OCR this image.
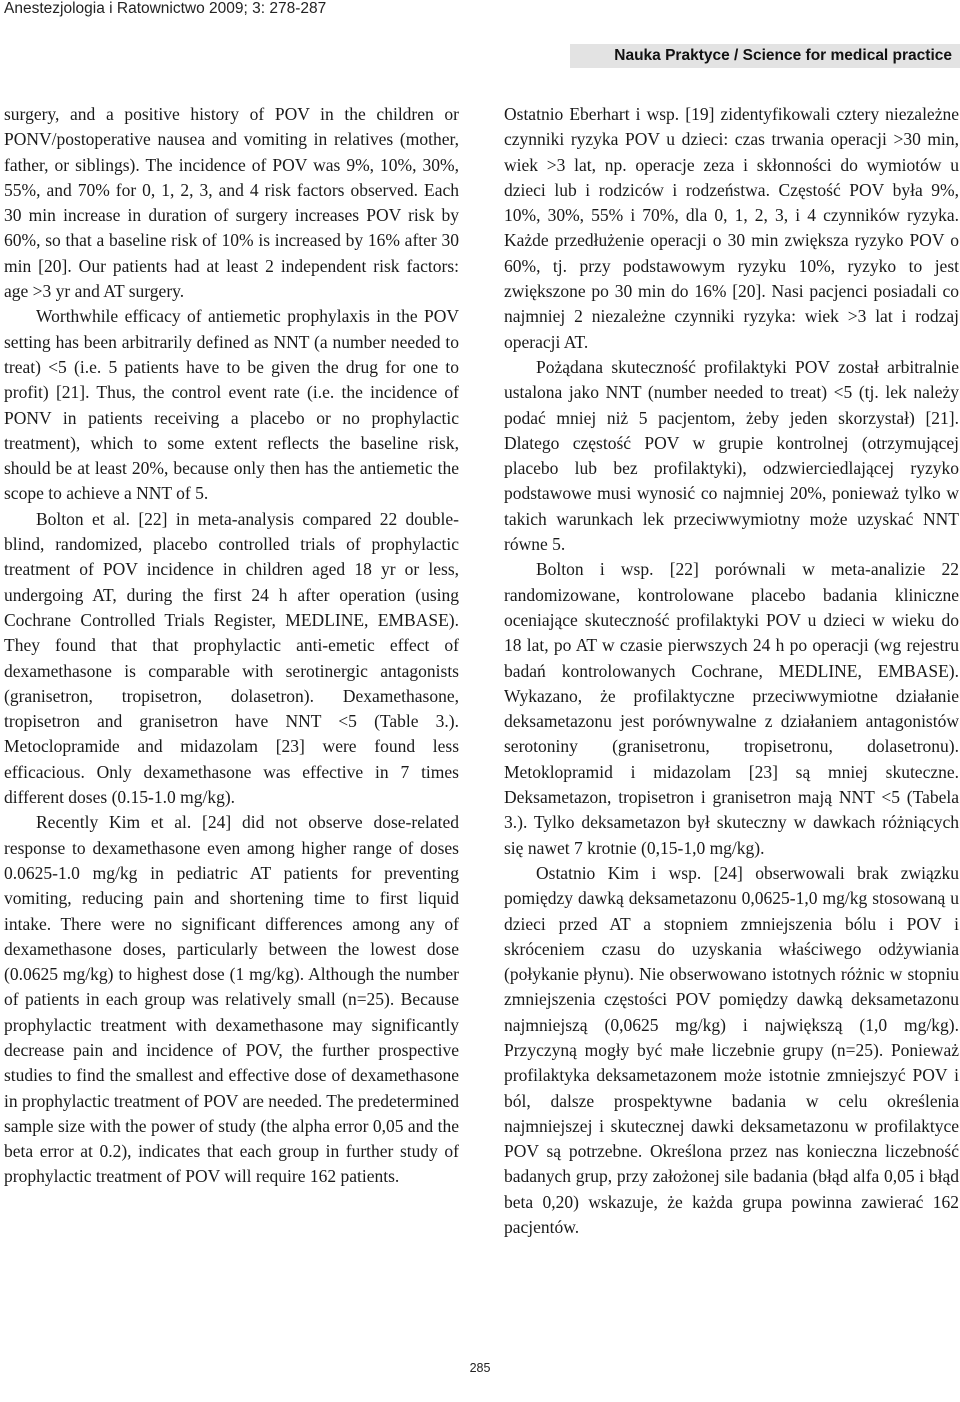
Anestezjologia i Ratownictwo 2009; 3: 278-287
Nauka Praktyce / Science for medical practice

surgery, and a positive history of POV in the children or PONV/postoperative nausea and vomiting in relatives (mother, father, or siblings). The incidence of POV was 9%, 10%, 30%, 55%, and 70% for 0, 1, 2, 3, and 4 risk factors observed. Each 30 min increase in duration of surgery increases POV risk by 60%, so that a baseline risk of 10% is increased by 16% after 30 min [20]. Our patients had at least 2 independent risk factors: age >3 yr and AT surgery.

Worthwhile efficacy of antiemetic prophylaxis in the POV setting has been arbitrarily defined as NNT (a number needed to treat) <5 (i.e. 5 patients have to be given the drug for one to profit) [21]. Thus, the control event rate (i.e. the incidence of PONV in patients receiving a placebo or no prophylactic treatment), which to some extent reflects the baseline risk, should be at least 20%, because only then has the antiemetic the scope to achieve a NNT of 5.

Bolton et al. [22] in meta-analysis compared 22 double-blind, randomized, placebo controlled trials of prophylactic treatment of POV incidence in children aged 18 yr or less, undergoing AT, during the first 24 h after operation (using Cochrane Controlled Trials Register, MEDLINE, EMBASE). They found that that prophylactic anti-emetic effect of dexamethasone is comparable with serotinergic antagonists (granisetron, tropisetron, dolasetron). Dexamethasone, tropisetron and granisetron have NNT <5 (Table 3.). Metoclopramide and midazolam [23] were found less efficacious. Only dexamethasone was effective in 7 times different doses (0.15-1.0 mg/kg).

Recently Kim et al. [24] did not observe dose-related response to dexamethasone even among higher range of doses 0.0625-1.0 mg/kg in pediatric AT patients for preventing vomiting, reducing pain and shortening time to first liquid intake. There were no significant differences among any of dexamethasone doses, particularly between the lowest dose (0.0625 mg/kg) to highest dose (1 mg/kg). Although the number of patients in each group was relatively small (n=25). Because prophylactic treatment with dexamethasone may significantly decrease pain and incidence of POV, the further prospective studies to find the smallest and effective dose of dexamethasone in prophylactic treatment of POV are needed. The predetermined sample size with the power of study (the alpha error 0,05 and the beta error at 0.2), indicates that each group in further study of prophylactic treatment of POV will require 162 patients.

Ostatnio Eberhart i wsp. [19] zidentyfikowali cztery niezależne czynniki ryzyka POV u dzieci: czas trwania operacji >30 min, wiek >3 lat, np. operacje zeza i skłonności do wymiotów u dzieci lub i rodziców i rodzeństwa. Częstość POV była 9%, 10%, 30%, 55% i 70%, dla 0, 1, 2, 3, i 4 czynników ryzyka. Każde przedłużenie operacji o 30 min zwiększa ryzyko POV o 60%, tj. przy podstawowym ryzyku 10%, ryzyko to jest zwiększone po 30 min do 16% [20]. Nasi pacjenci posiadali co najmniej 2 niezależne czynniki ryzyka: wiek >3 lat i rodzaj operacji AT.

Pożądana skuteczność profilaktyki POV został arbitralnie ustalona jako NNT (number needed to treat) <5 (tj. lek należy podać mniej niż 5 pacjentom, żeby jeden skorzystał) [21]. Dlatego częstość POV w grupie kontrolnej (otrzymującej placebo lub bez profilaktyki), odzwierciedlającej ryzyko podstawowe musi wynosić co najmniej 20%, ponieważ tylko w takich warunkach lek przeciwwymiotny może uzyskać NNT równe 5.

Bolton i wsp. [22] porównali w meta-analizie 22 randomizowane, kontrolowane placebo badania kliniczne oceniające skuteczność profilaktyki POV u dzieci w wieku do 18 lat, po AT w czasie pierwszych 24 h po operacji (wg rejestru badań kontrolowanych Cochrane, MEDLINE, EMBASE). Wykazano, że profilaktyczne przeciwwymiotne działanie deksametazonu jest porównywalne z działaniem antagonistów serotoniny (granisetronu, tropisetronu, dolasetronu). Metoklopramid i midazolam [23] są mniej skuteczne. Deksametazon, tropisetron i granisetron mają NNT <5 (Tabela 3.). Tylko deksametazon był skuteczny w dawkach różniących się nawet 7 krotnie (0,15-1,0 mg/kg).

Ostatnio Kim i wsp. [24] obserwowali brak związku pomiędzy dawką deksametazonu 0,0625-1,0 mg/kg stosowaną u dzieci przed AT a stopniem zmniejszenia bólu i POV i skróceniem czasu do uzyskania właściwego odżywiania (połykanie płynu). Nie obserwowano istotnych różnic w stopniu zmniejszenia częstości POV pomiędzy dawką deksametazonu najmniejszą (0,0625 mg/kg) i największą (1,0 mg/kg). Przyczyną mogły być małe liczebnie grupy (n=25). Ponieważ profilaktyka deksametazonem może istotnie zmniejszyć POV i ból, dalsze prospektywne badania w celu określenia najmniejszej i skutecznej dawki deksametazonu w profilaktyce POV są potrzebne. Określona przez nas konieczna liczebność badanych grup, przy założonej sile badania (błąd alfa 0,05 i błąd beta 0,20) wskazuje, że każda grupa powinna zawierać 162 pacjentów.

285
